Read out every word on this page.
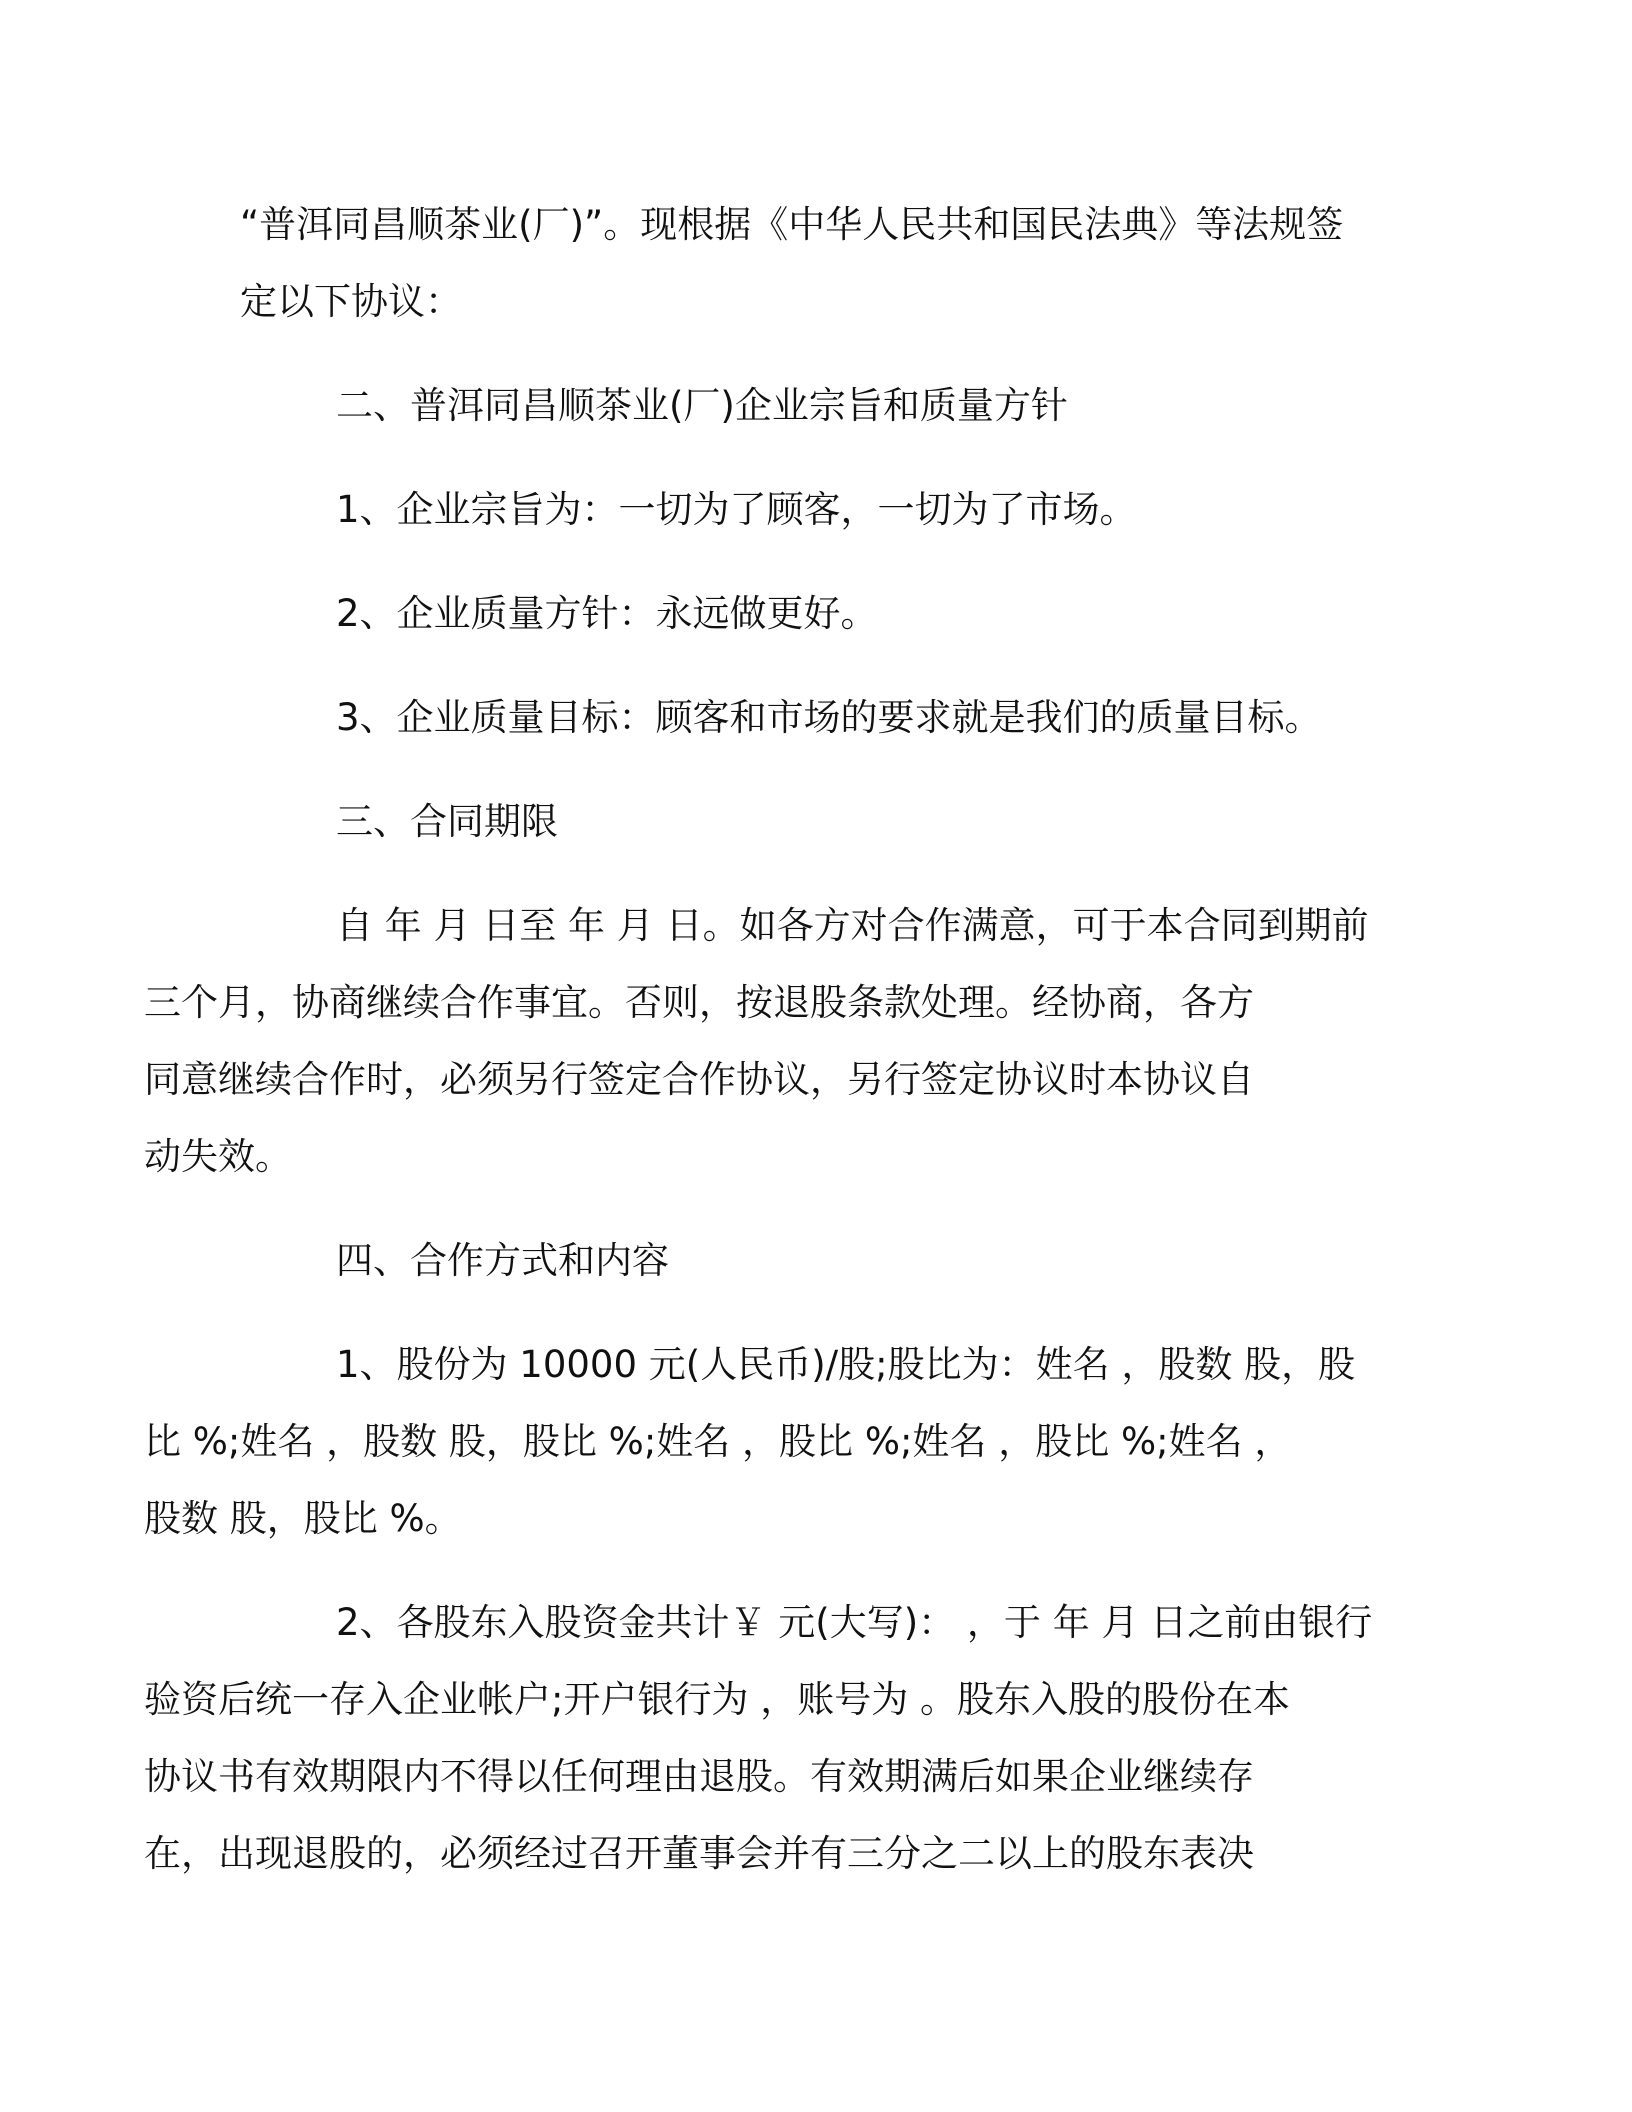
“普洱同昌顺茶业(厂)”。现根据《中华人民共和国民法典》等法规签
定以下协议：

二、普洱同昌顺茶业(厂)企业宗旨和质量方针

1、企业宗旨为：一切为了顾客，一切为了市场。

2、企业质量方针：永远做更好。

3、企业质量目标：顾客和市场的要求就是我们的质量目标。

三、合同期限

自 年 月 日至 年 月 日。如各方对合作满意，可于本合同到期前
三个月，协商继续合作事宜。否则，按退股条款处理。经协商，各方
同意继续合作时，必须另行签定合作协议，另行签定协议时本协议自
动失效。

四、合作方式和内容

1、股份为 10000 元(人民币)/股;股比为：姓名 ，股数 股，股
比 %;姓名 ，股数 股，股比 %;姓名 ，股比 %;姓名 ，股比 %;姓名 ，
股数 股，股比 %。

2、各股东入股资金共计￥ 元(大写)： ，于 年 月 日之前由银行
验资后统一存入企业帐户;开户银行为 ，账号为 。股东入股的股份在本
协议书有效期限内不得以任何理由退股。有效期满后如果企业继续存
在，出现退股的，必须经过召开董事会并有三分之二以上的股东表决
